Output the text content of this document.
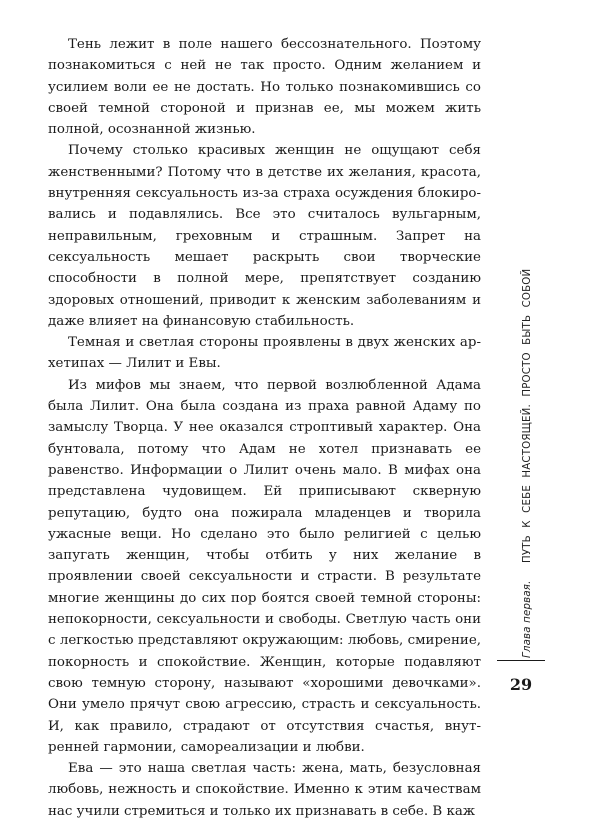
Тень лежит в поле нашего бессознательного. Поэтому познакомиться с ней не так просто. Одним желанием и усилием воли ее не достать. Но только познакомившись со своей темной стороной и признав ее, мы можем жить полной, осознанной жизнью.

Почему столько красивых женщин не ощущают себя женственными? Потому что в детстве их желания, красота, внутренняя сексуальность из-за страха осуждения блокировались и подавлялись. Все это считалось вульгарным, неправильным, греховным и страшным. Запрет на сексуальность мешает раскрыть свои творческие способности в полной мере, препятствует созданию здоровых отношений, приводит к женским заболеваниям и даже влияет на финансовую стабильность.

Темная и светлая стороны проявлены в двух женских архетипах — Лилит и Евы.

Из мифов мы знаем, что первой возлюбленной Адама была Лилит. Она была создана из праха равной Адаму по замыслу Творца. У нее оказался строптивый характер. Она бунтовала, потому что Адам не хотел признавать ее равенство. Информации о Лилит очень мало. В мифах она представлена чудовищем. Ей приписывают скверную репутацию, будто она пожирала младенцев и творила ужасные вещи. Но сделано это было религией с целью запугать женщин, чтобы отбить у них желание в проявлении своей сексуальности и страсти. В результате многие женщины до сих пор боятся своей темной стороны: непокорности, сексуальности и свободы. Светлую часть они с легкостью представляют окружающим: любовь, смирение, покорность и спокойствие. Женщин, которые подавляют свою темную сторону, называют «хорошими девочками». Они умело прячут свою агрессию, страсть и сексуальность. И, как правило, страдают от отсутствия счастья, внутренней гармонии, самореализации и любви.

Ева — это наша светлая часть: жена, мать, безусловная любовь, нежность и спокойствие. Именно к этим качествам нас учили стремиться и только их признавать в себе. В каж

Глава первая. ПУТЬ К СЕБЕ НАСТОЯЩЕЙ. ПРОСТО БЫТЬ СОБОЙ
29
